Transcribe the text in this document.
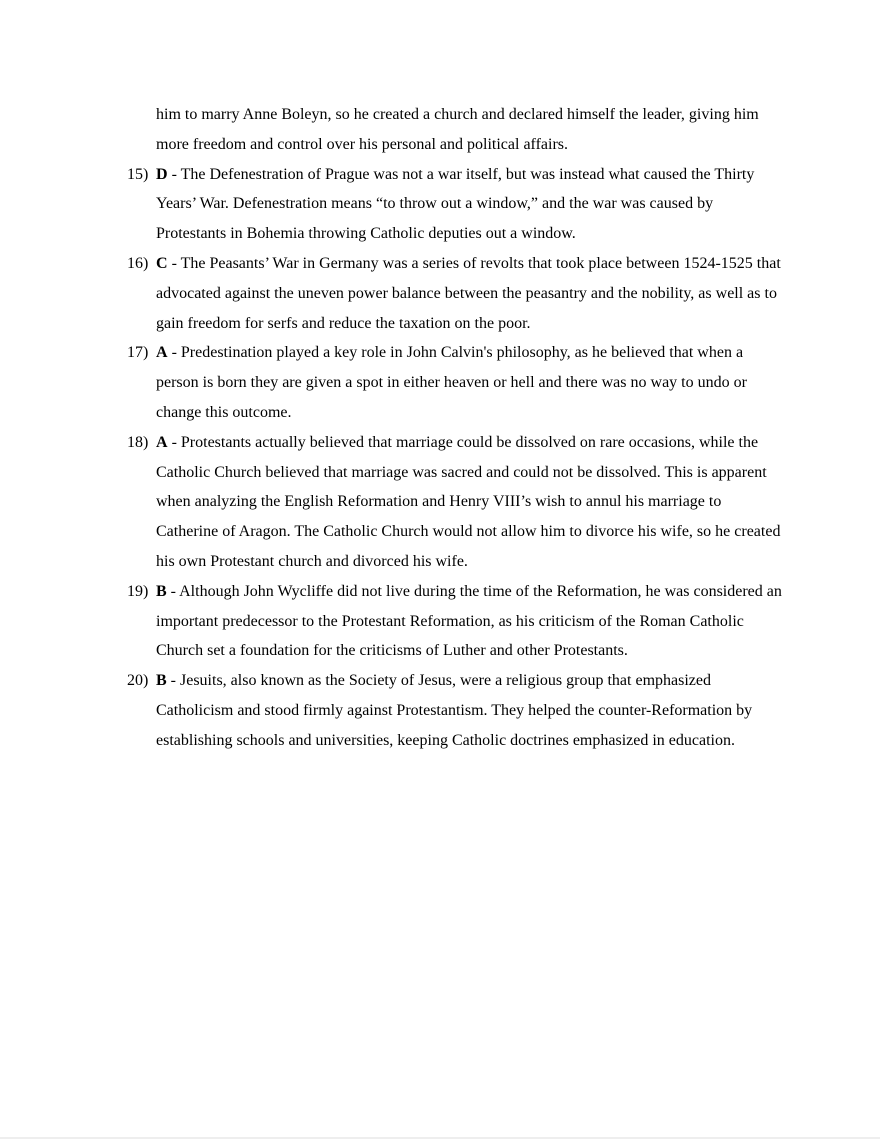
him to marry Anne Boleyn, so he created a church and declared himself the leader, giving him more freedom and control over his personal and political affairs.

15) D - The Defenestration of Prague was not a war itself, but was instead what caused the Thirty Years’ War. Defenestration means “to throw out a window,” and the war was caused by Protestants in Bohemia throwing Catholic deputies out a window.

16) C - The Peasants’ War in Germany was a series of revolts that took place between 1524-1525 that advocated against the uneven power balance between the peasantry and the nobility, as well as to gain freedom for serfs and reduce the taxation on the poor.

17) A - Predestination played a key role in John Calvin's philosophy, as he believed that when a person is born they are given a spot in either heaven or hell and there was no way to undo or change this outcome.

18) A - Protestants actually believed that marriage could be dissolved on rare occasions, while the Catholic Church believed that marriage was sacred and could not be dissolved. This is apparent when analyzing the English Reformation and Henry VIII’s wish to annul his marriage to Catherine of Aragon. The Catholic Church would not allow him to divorce his wife, so he created his own Protestant church and divorced his wife.

19) B - Although John Wycliffe did not live during the time of the Reformation, he was considered an important predecessor to the Protestant Reformation, as his criticism of the Roman Catholic Church set a foundation for the criticisms of Luther and other Protestants.

20) B - Jesuits, also known as the Society of Jesus, were a religious group that emphasized Catholicism and stood firmly against Protestantism. They helped the counter-Reformation by establishing schools and universities, keeping Catholic doctrines emphasized in education.
